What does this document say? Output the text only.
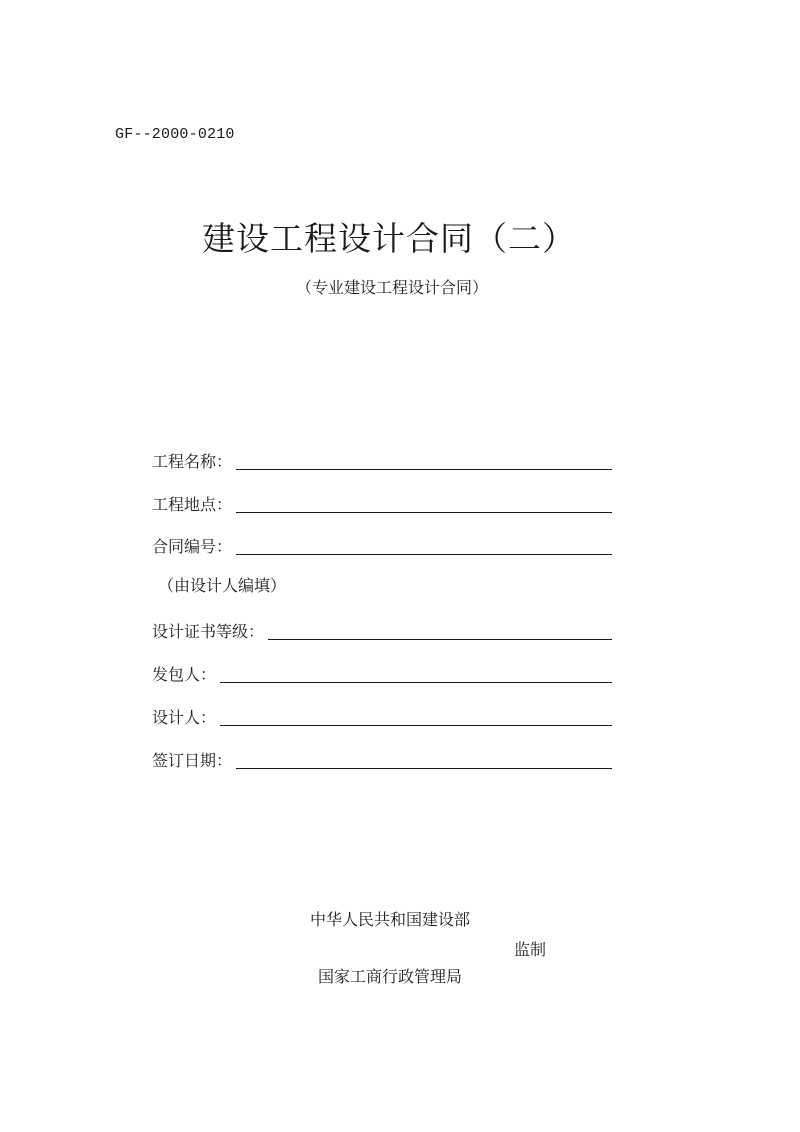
GF--2000-0210
建设工程设计合同（二）
（专业建设工程设计合同）
工程名称：
工程地点：
合同编号：
（由设计人编填）
设计证书等级：
发包人：
设计人：
签订日期：
中华人民共和国建设部
监制
国家工商行政管理局
